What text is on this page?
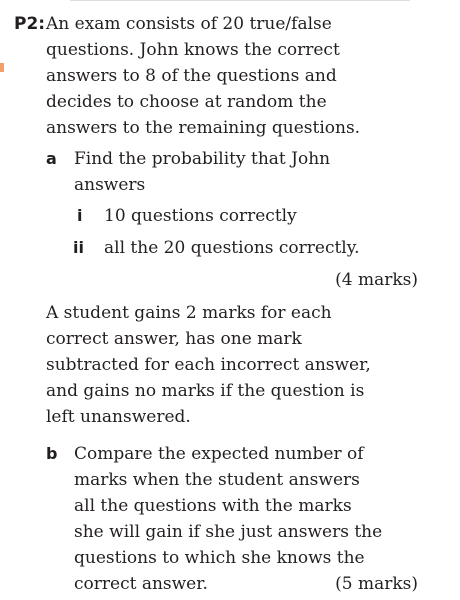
P2: An exam consists of 20 true/false
questions. John knows the correct
answers to 8 of the questions and
decides to choose at random the
answers to the remaining questions.
a Find the probability that John
answers
i 10 questions correctly
ii all the 20 questions correctly.
(4 marks)
A student gains 2 marks for each
correct answer, has one mark
subtracted for each incorrect answer,
and gains no marks if the question is
left unanswered.
b Compare the expected number of
marks when the student answers
all the questions with the marks
she will gain if she just answers the
questions to which she knows the
correct answer.	(5 marks)
